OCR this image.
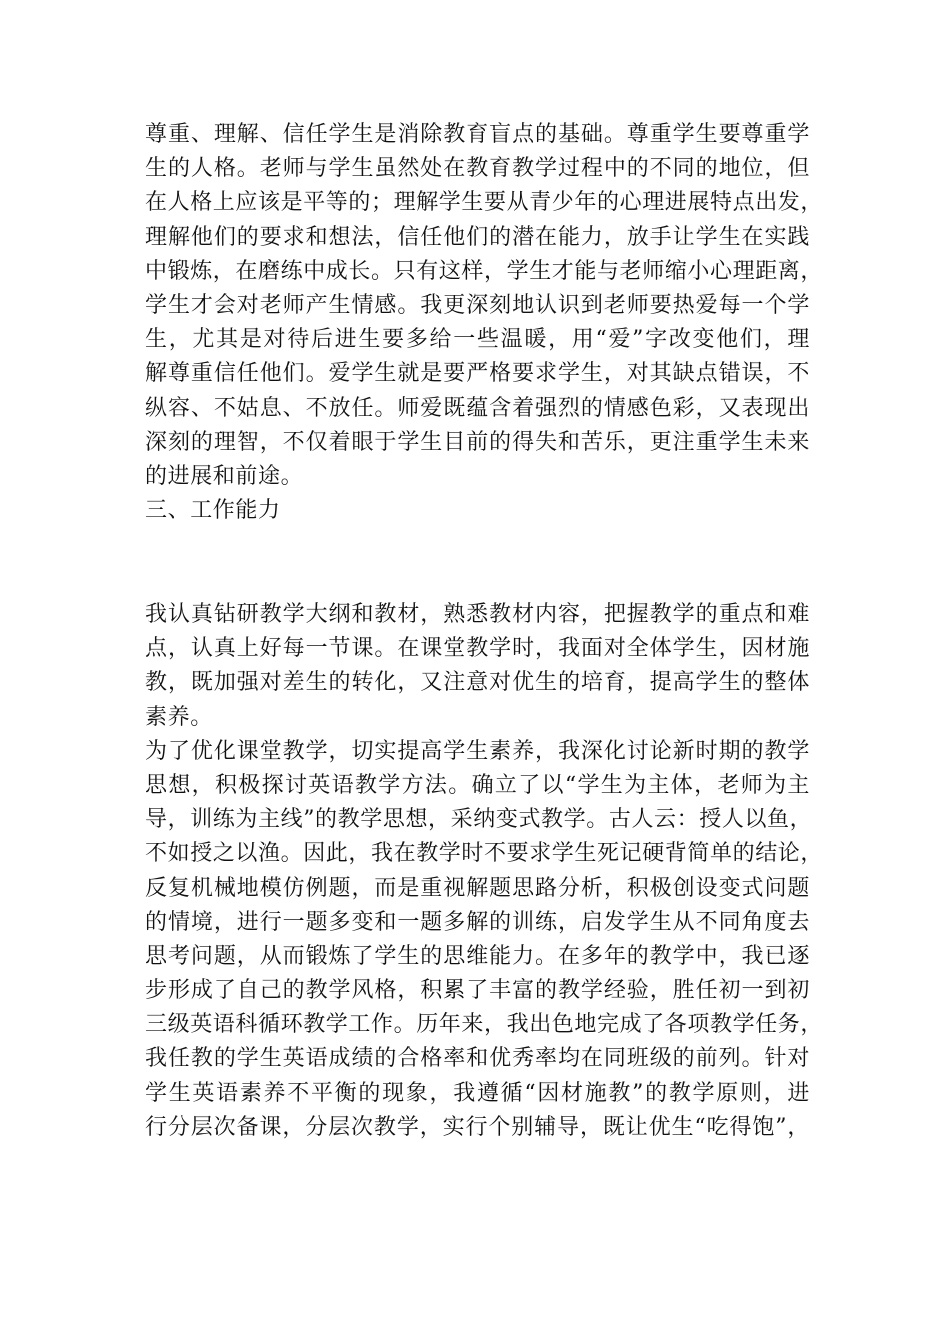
尊重、理解、信任学生是消除教育盲点的基础。尊重学生要尊重学
生的人格。老师与学生虽然处在教育教学过程中的不同的地位，但
在人格上应该是平等的；理解学生要从青少年的心理进展特点出发，
理解他们的要求和想法，信任他们的潜在能力，放手让学生在实践
中锻炼，在磨练中成长。只有这样，学生才能与老师缩小心理距离，
学生才会对老师产生情感。我更深刻地认识到老师要热爱每一个学
生，尤其是对待后进生要多给一些温暖，用“爱”字改变他们，理
解尊重信任他们。爱学生就是要严格要求学生，对其缺点错误，不
纵容、不姑息、不放任。师爱既蕴含着强烈的情感色彩，又表现出
深刻的理智，不仅着眼于学生目前的得失和苦乐，更注重学生未来
的进展和前途。
三、工作能力
我认真钻研教学大纲和教材，熟悉教材内容，把握教学的重点和难
点，认真上好每一节课。在课堂教学时，我面对全体学生，因材施
教，既加强对差生的转化，又注意对优生的培育，提高学生的整体
素养。
为了优化课堂教学，切实提高学生素养，我深化讨论新时期的教学
思想，积极探讨英语教学方法。确立了以“学生为主体，老师为主
导，训练为主线”的教学思想，采纳变式教学。古人云：授人以鱼，
不如授之以渔。因此，我在教学时不要求学生死记硬背简单的结论，
反复机械地模仿例题，而是重视解题思路分析，积极创设变式问题
的情境，进行一题多变和一题多解的训练，启发学生从不同角度去
思考问题，从而锻炼了学生的思维能力。在多年的教学中，我已逐
步形成了自己的教学风格，积累了丰富的教学经验，胜任初一到初
三级英语科循环教学工作。历年来，我出色地完成了各项教学任务，
我任教的学生英语成绩的合格率和优秀率均在同班级的前列。针对
学生英语素养不平衡的现象，我遵循“因材施教”的教学原则，进
行分层次备课，分层次教学，实行个别辅导，既让优生“吃得饱”，
